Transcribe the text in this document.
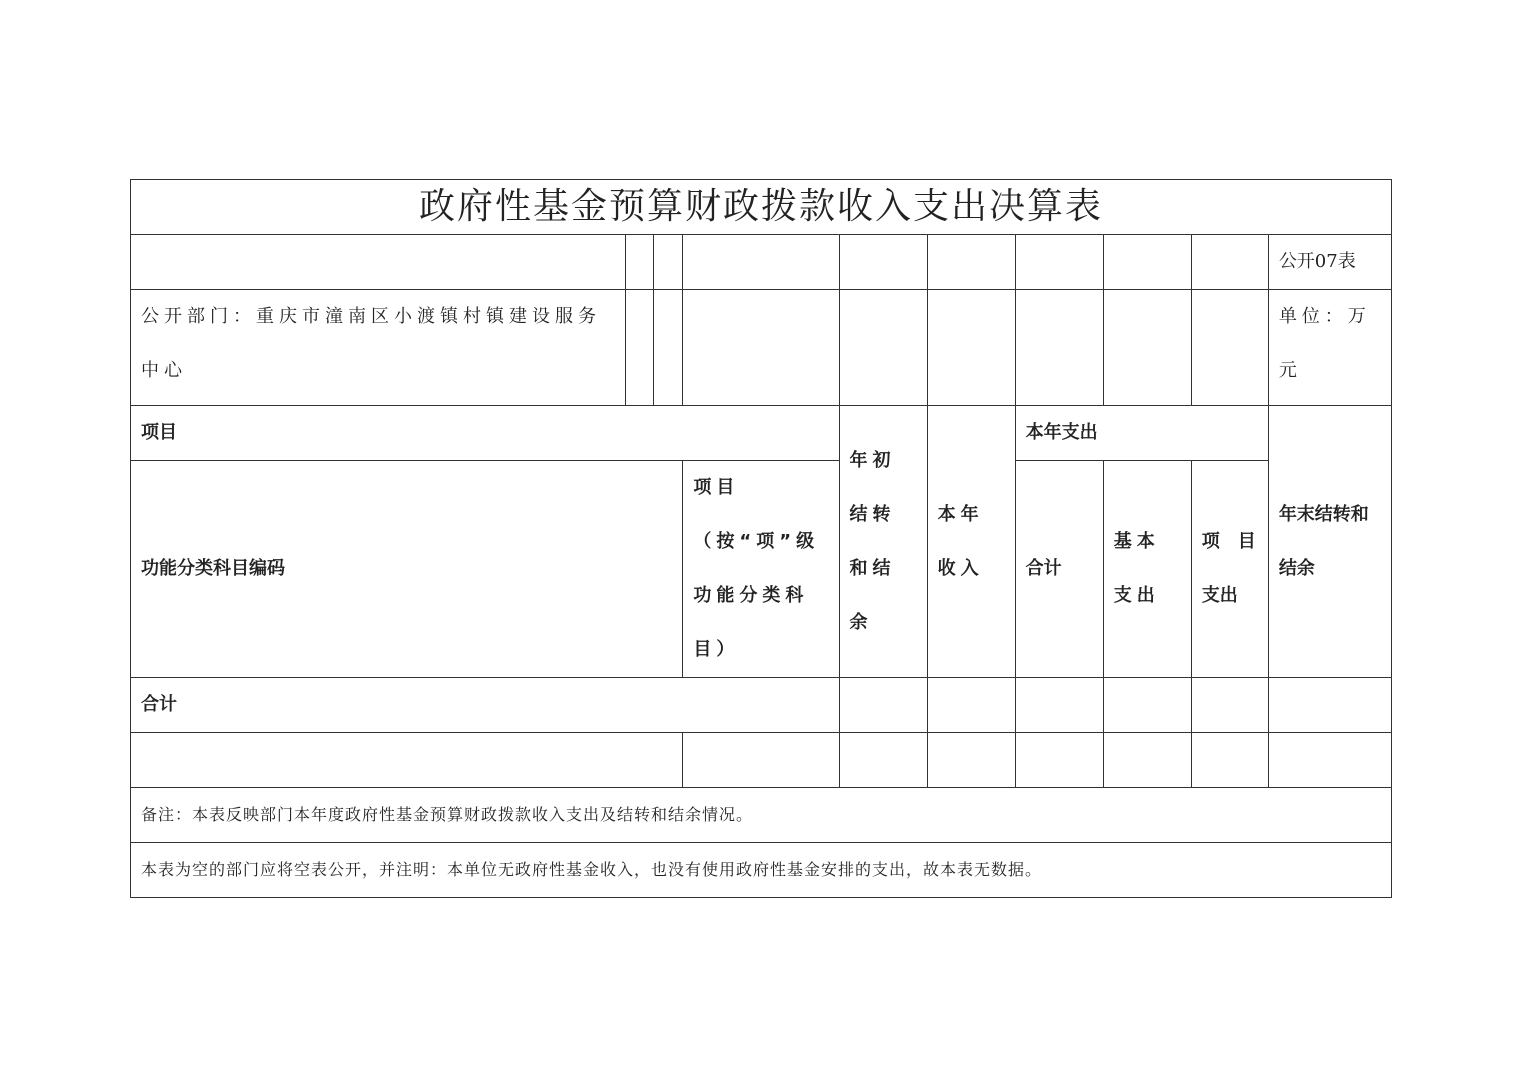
政府性基金预算财政拨款收入支出决算表									
									公开07表
公开部门：重庆市潼南区小渡镇村镇建设服务中心									单位：万元
项目				年初结转和结余	本年收入	本年支出			年末结转和结余
功能分类科目编码			项目（按“项”级功能分类科目）			合计	基本支出	项　目支出	
合计									

备注：本表反映部门本年度政府性基金预算财政拨款收入支出及结转和结余情况。									
本表为空的部门应将空表公开，并注明：本单位无政府性基金收入，也没有使用政府性基金安排的支出，故本表无数据。									
